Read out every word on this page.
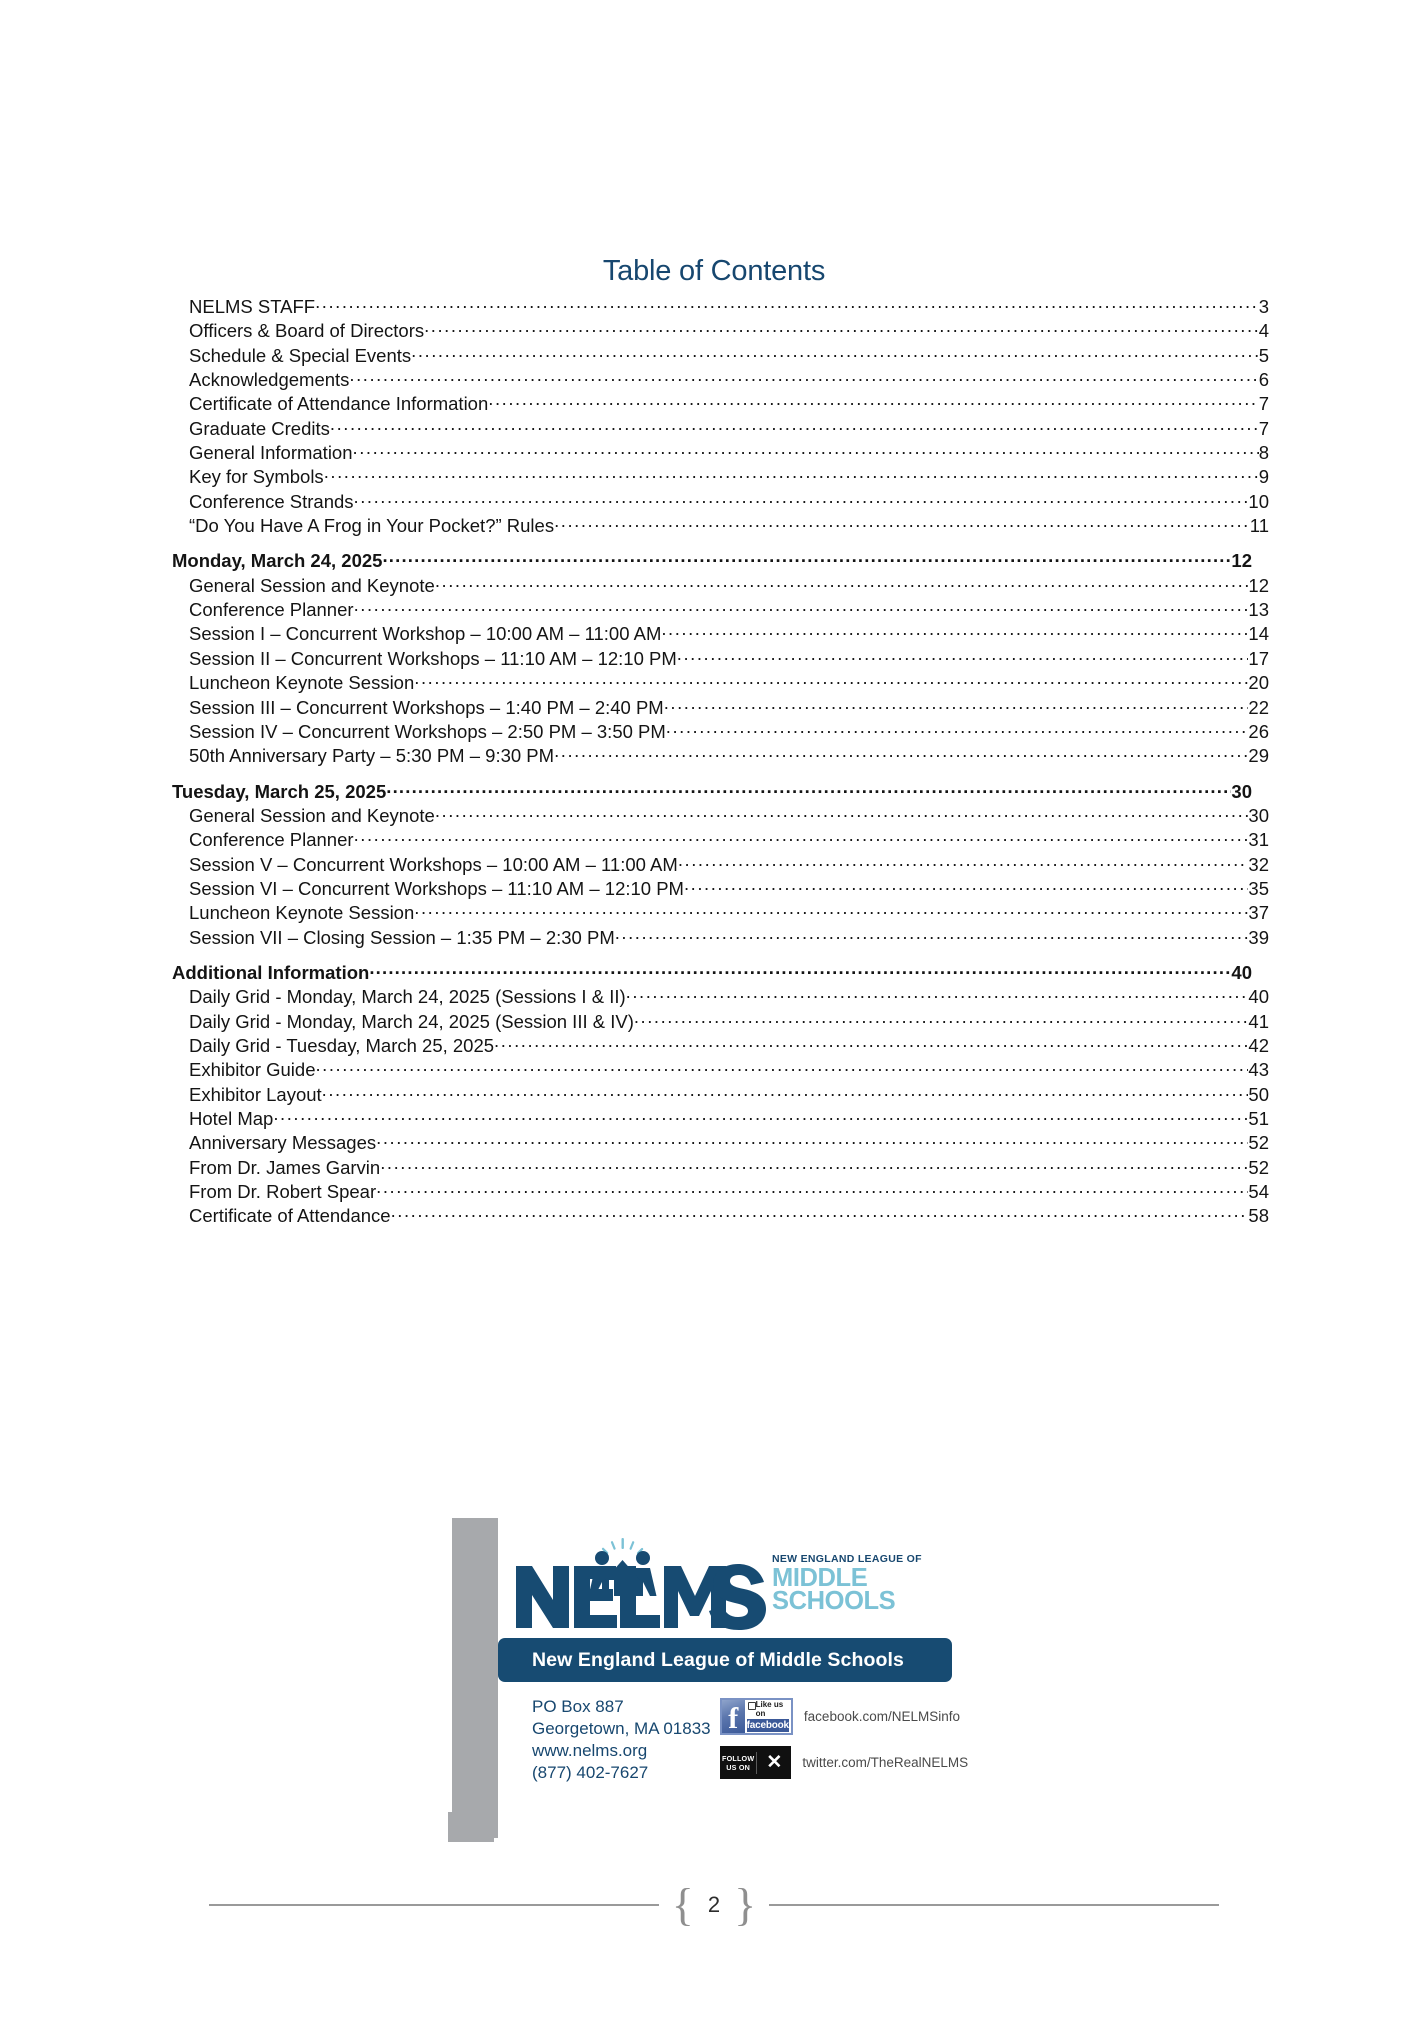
Table of Contents
NELMS STAFF .....	3
Officers & Board of Directors .....	4
Schedule & Special Events .....	5
Acknowledgements .....	6
Certificate of Attendance Information .....	7
Graduate Credits .....	7
General Information .....	8
Key for Symbols .....	9
Conference Strands .....	10
“Do You Have A Frog in Your Pocket?” Rules .....	11
Monday, March 24, 2025 .....	12
General Session and Keynote .....	12
Conference Planner .....	13
Session I – Concurrent Workshop – 10:00 AM – 11:00 AM .....	14
Session II – Concurrent Workshops – 11:10 AM – 12:10 PM .....	17
Luncheon Keynote Session .....	20
Session III – Concurrent Workshops – 1:40 PM – 2:40 PM .....	22
Session IV – Concurrent Workshops – 2:50 PM – 3:50 PM .....	26
50th Anniversary Party – 5:30 PM – 9:30 PM .....	29
Tuesday, March 25, 2025 .....	30
General Session and Keynote .....	30
Conference Planner .....	31
Session V – Concurrent Workshops – 10:00 AM – 11:00 AM .....	32
Session VI – Concurrent Workshops – 11:10 AM – 12:10 PM .....	35
Luncheon Keynote Session .....	37
Session VII – Closing Session – 1:35 PM – 2:30 PM .....	39
Additional Information .....	40
Daily Grid - Monday, March 24, 2025 (Sessions I & II) .....	40
Daily Grid - Monday, March 24, 2025 (Session III & IV) .....	41
Daily Grid - Tuesday, March 25, 2025 .....	42
Exhibitor Guide .....	43
Exhibitor Layout .....	50
Hotel Map .....	51
Anniversary Messages .....	52
From Dr. James Garvin .....	52
From Dr. Robert Spear .....	54
Certificate of Attendance .....	58
NEW ENGLAND LEAGUE OF
MIDDLE
SCHOOLS
New England League of Middle Schools
PO Box 887
Georgetown, MA 01833
www.nelms.org
(877) 402-7627
f	Like us on
facebook
facebook.com/NELMSinfo
FOLLOW US ON ✕	twitter.com/TheRealNELMS
{ 2 }
